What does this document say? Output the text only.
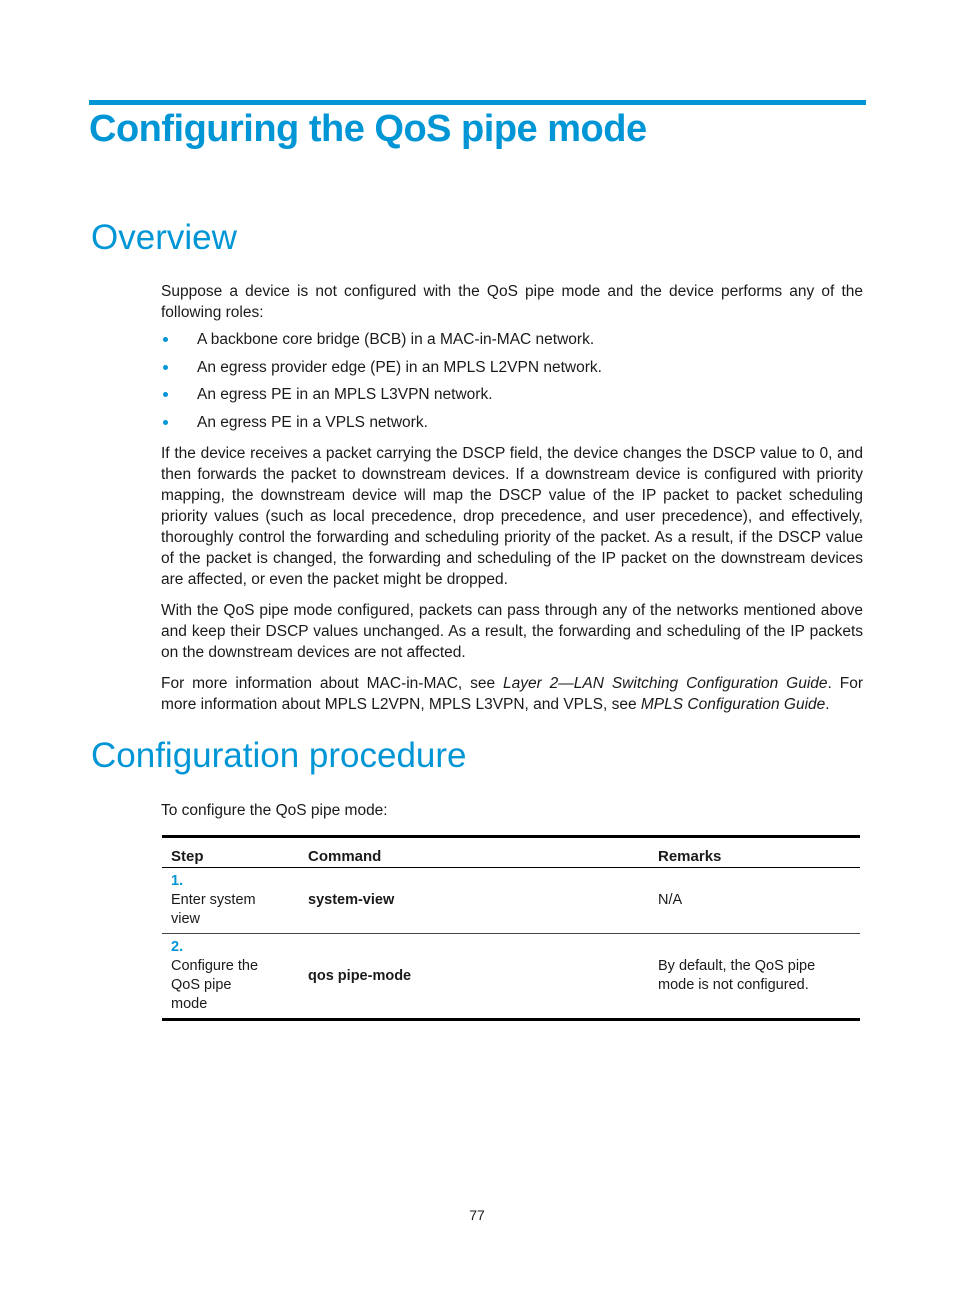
Configuring the QoS pipe mode
Overview

Suppose a device is not configured with the QoS pipe mode and the device performs any of the following roles:

A backbone core bridge (BCB) in a MAC-in-MAC network.
An egress provider edge (PE) in an MPLS L2VPN network.
An egress PE in an MPLS L3VPN network.
An egress PE in a VPLS network.

If the device receives a packet carrying the DSCP field, the device changes the DSCP value to 0, and then forwards the packet to downstream devices. If a downstream device is configured with priority mapping, the downstream device will map the DSCP value of the IP packet to packet scheduling priority values (such as local precedence, drop precedence, and user precedence), and effectively, thoroughly control the forwarding and scheduling priority of the packet. As a result, if the DSCP value of the packet is changed, the forwarding and scheduling of the IP packet on the downstream devices are affected, or even the packet might be dropped.

With the QoS pipe mode configured, packets can pass through any of the networks mentioned above and keep their DSCP values unchanged. As a result, the forwarding and scheduling of the IP packets on the downstream devices are not affected.

For more information about MAC-in-MAC, see Layer 2—LAN Switching Configuration Guide. For more information about MPLS L2VPN, MPLS L3VPN, and VPLS, see MPLS Configuration Guide.

Configuration procedure

To configure the QoS pipe mode:

Step	Command	Remarks
1.Enter system view	system-view	N/A
2.Configure the QoS pipe mode	qos pipe-mode	By default, the QoS pipe mode is not configured.
77
